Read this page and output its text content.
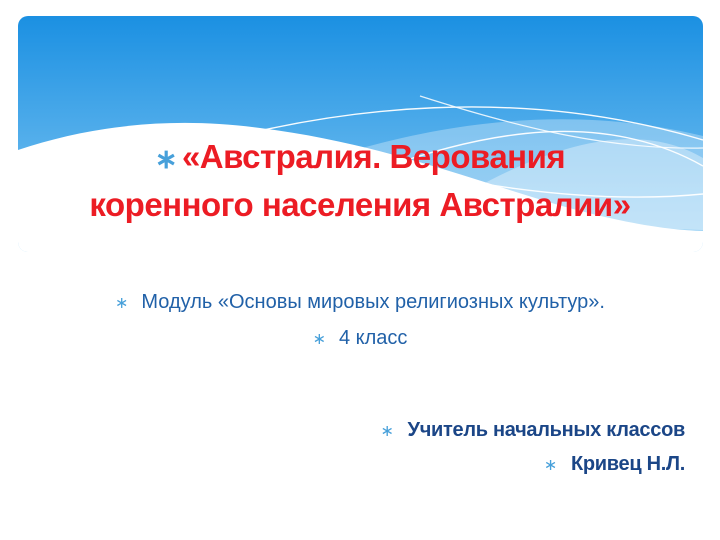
∗ «Австралия. Верования
коренного населения Австралии»
∗ Модуль «Основы мировых религиозных культур».
∗ 4 класс
∗ Учитель начальных классов
∗ Кривец Н.Л.
